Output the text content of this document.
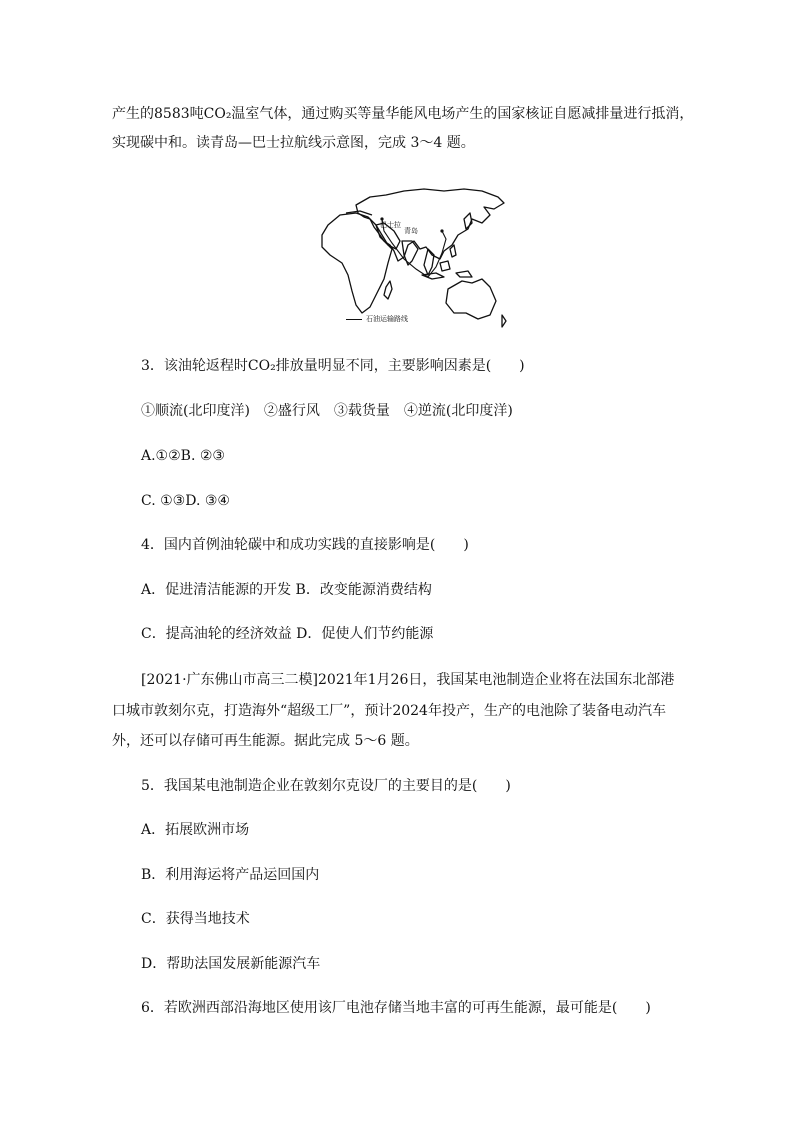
产生的8583吨CO₂温室气体，通过购买等量华能风电场产生的国家核证自愿减排量进行抵消，
实现碳中和。读青岛—巴士拉航线示意图，完成 3～4 题。
巴士拉
青岛
石油运输路线
3．该油轮返程时CO₂排放量明显不同，主要影响因素是(　　)
①顺流(北印度洋)　②盛行风　③载货量　④逆流(北印度洋)
A.①②B. ②③
C. ①③D. ③④
4．国内首例油轮碳中和成功实践的直接影响是(　　)
A．促进清洁能源的开发 B．改变能源消费结构
C．提高油轮的经济效益 D．促使人们节约能源
[2021·广东佛山市高三二模]2021年1月26日，我国某电池制造企业将在法国东北部港
口城市敦刻尔克，打造海外“超级工厂”，预计2024年投产，生产的电池除了装备电动汽车
外，还可以存储可再生能源。据此完成 5～6 题。
5．我国某电池制造企业在敦刻尔克设厂的主要目的是(　　)
A．拓展欧洲市场
B．利用海运将产品运回国内
C．获得当地技术
D．帮助法国发展新能源汽车
6．若欧洲西部沿海地区使用该厂电池存储当地丰富的可再生能源，最可能是(　　)
